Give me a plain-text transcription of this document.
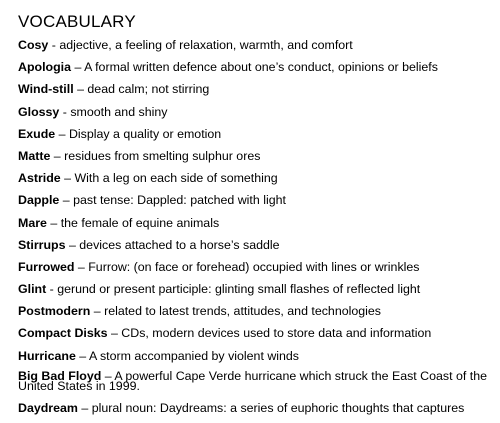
VOCABULARY
Cosy - adjective, a feeling of relaxation, warmth, and comfort
Apologia – A formal written defence about one’s conduct, opinions or beliefs
Wind-still – dead calm; not stirring
Glossy - smooth and shiny
Exude – Display a quality or emotion
Matte – residues from smelting sulphur ores
Astride – With a leg on each side of something
Dapple – past tense: Dappled: patched with light
Mare – the female of equine animals
Stirrups – devices attached to a horse’s saddle
Furrowed – Furrow: (on face or forehead) occupied with lines or wrinkles
Glint - gerund or present participle: glinting small flashes of reflected light
Postmodern – related to latest trends, attitudes, and technologies
Compact Disks – CDs, modern devices used to store data and information
Hurricane – A storm accompanied by violent winds
Big Bad Floyd – A powerful Cape Verde hurricane which struck the East Coast of the United States in 1999.
Daydream – plural noun: Daydreams: a series of euphoric thoughts that captures
